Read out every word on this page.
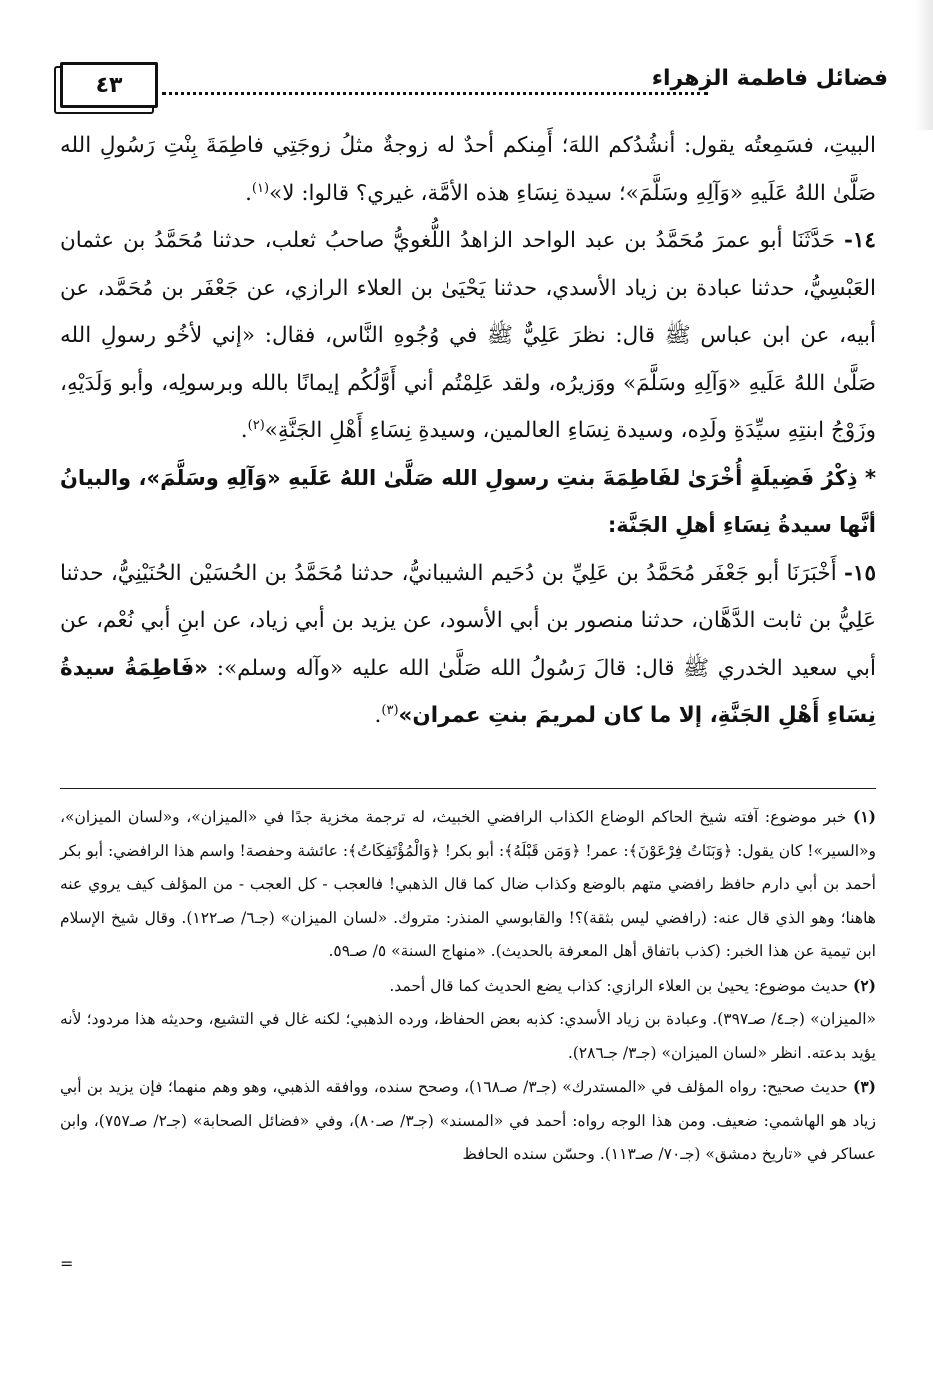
٤٣	فضائل فاطمة الزهراء

البيتِ، فسَمِعتُه يقول: أنشُدُكم اللهَ؛ أَمِنكم أحدٌ له زوجةٌ مثلُ زوجَتِي فاطِمَةَ بِنْتِ رَسُولِ الله صَلَّىٰ اللهُ عَلَيهِ «وَآلِهِ وسَلَّمَ»؛ سيدة نِسَاءِ هذه الأمَّة، غيري؟ قالوا: لا»$^{(١)}$.

١٤- حَدَّثَنَا أبو عمرَ مُحَمَّدُ بن عبد الواحد الزاهدُ اللُّغويُّ صاحبُ ثعلب، حدثنا مُحَمَّدُ بن عثمان العَبْسِيُّ، حدثنا عبادة بن زياد الأسدي، حدثنا يَحْيَىٰ بن العلاء الرازي، عن جَعْفَر بن مُحَمَّد، عن أبيه، عن ابن عباس ﷺ قال: نظرَ عَلِيٌّ ﷺ في وُجُوهِ النَّاس، فقال: «إني لأخُو رسولِ الله صَلَّىٰ اللهُ عَلَيهِ «وَآلِهِ وسَلَّمَ» ووَزيرُه، ولقد عَلِمْتُم أني أَوَّلُكُم إيمانًا بالله وبرسولِه، وأبو وَلَدَيْهِ، وزَوْجُ ابنتِهِ سيِّدَةِ ولَدِه، وسيدة نِسَاءِ العالمين، وسيدةِ نِسَاءِ أَهْلِ الجَنَّةِ»$^{(٢)}$.

* ذِكْرُ فَضِيلَةٍ أُخْرَىٰ لفَاطِمَةَ بنتِ رسولِ الله صَلَّىٰ اللهُ عَلَيهِ «وَآلِهِ وسَلَّمَ»، والبيانُ أنَّها سيدةُ نِسَاءِ أهلِ الجَنَّة:

١٥- أَخْبَرَنَا أبو جَعْفَر مُحَمَّدُ بن عَلِيِّ بن دُحَيم الشيبانيُّ، حدثنا مُحَمَّدُ بن الحُسَيْن الحُنَيْنِيُّ، حدثنا عَلِيُّ بن ثابت الدَّهَّان، حدثنا منصور بن أبي الأسود، عن يزيد بن أبي زياد، عن ابنِ أبي نُعْم، عن أبي سعيد الخدري ﷺ قال: قالَ رَسُولُ الله صَلَّىٰ الله عليه «وآله وسلم»: «فَاطِمَةُ سيدةُ نِسَاءِ أَهْلِ الجَنَّةِ، إلا ما كان لمريمَ بنتِ عمران»$^{(٣)}$.

(١) خبر موضوع: آفته شيخ الحاكم الوضاع الكذاب الرافضي الخبيث، له ترجمة مخزية جدًا في «الميزان»، و«لسان الميزان»، و«السير»! كان يقول: ﴿وَبَنَاتُ فِرْعَوْنَ﴾: عمر! ﴿وَمَن قَبْلَهُ﴾: أبو بكر! ﴿وَالْمُؤْتَفِكَاتُ﴾: عائشة وحفصة! واسم هذا الرافضي: أبو بكر أحمد بن أبي دارم حافظ رافضي متهم بالوضع وكذاب ضال كما قال الذهبي! فالعجب - كل العجب - من المؤلف كيف يروي عنه هاهنا؛ وهو الذي قال عنه: (رافضي ليس بثقة)؟! والقابوسي المنذر: متروك. «لسان الميزان» (جـ٦/ صـ١٢٢). وقال شيخ الإسلام ابن تيمية عن هذا الخبر: (كذب باتفاق أهل المعرفة بالحديث). «منهاج السنة» ٥/ صـ٥٩.

(٢) حديث موضوع: يحيىٰ بن العلاء الرازي: كذاب يضع الحديث كما قال أحمد.

«الميزان» (جـ٤/ صـ٣٩٧). وعبادة بن زياد الأسدي: كذبه بعض الحفاظ، ورده الذهبي؛ لكنه غال في التشيع، وحديثه هذا مردود؛ لأنه يؤيد بدعته. انظر «لسان الميزان» (جـ٣/ جـ٢٨٦).

(٣) حديث صحيح: رواه المؤلف في «المستدرك» (جـ٣/ صـ١٦٨)، وصحح سنده، ووافقه الذهبي، وهو وهم منهما؛ فإن يزيد بن أبي زياد هو الهاشمي: ضعيف. ومن هذا الوجه رواه: أحمد في «المسند» (جـ٣/ صـ٨٠)، وفي «فضائل الصحابة» (جـ٢/ صـ٧٥٧)، وابن عساكر في «تاريخ دمشق» (جـ٧٠/ صـ١١٣). وحسّن سنده الحافظ

=
